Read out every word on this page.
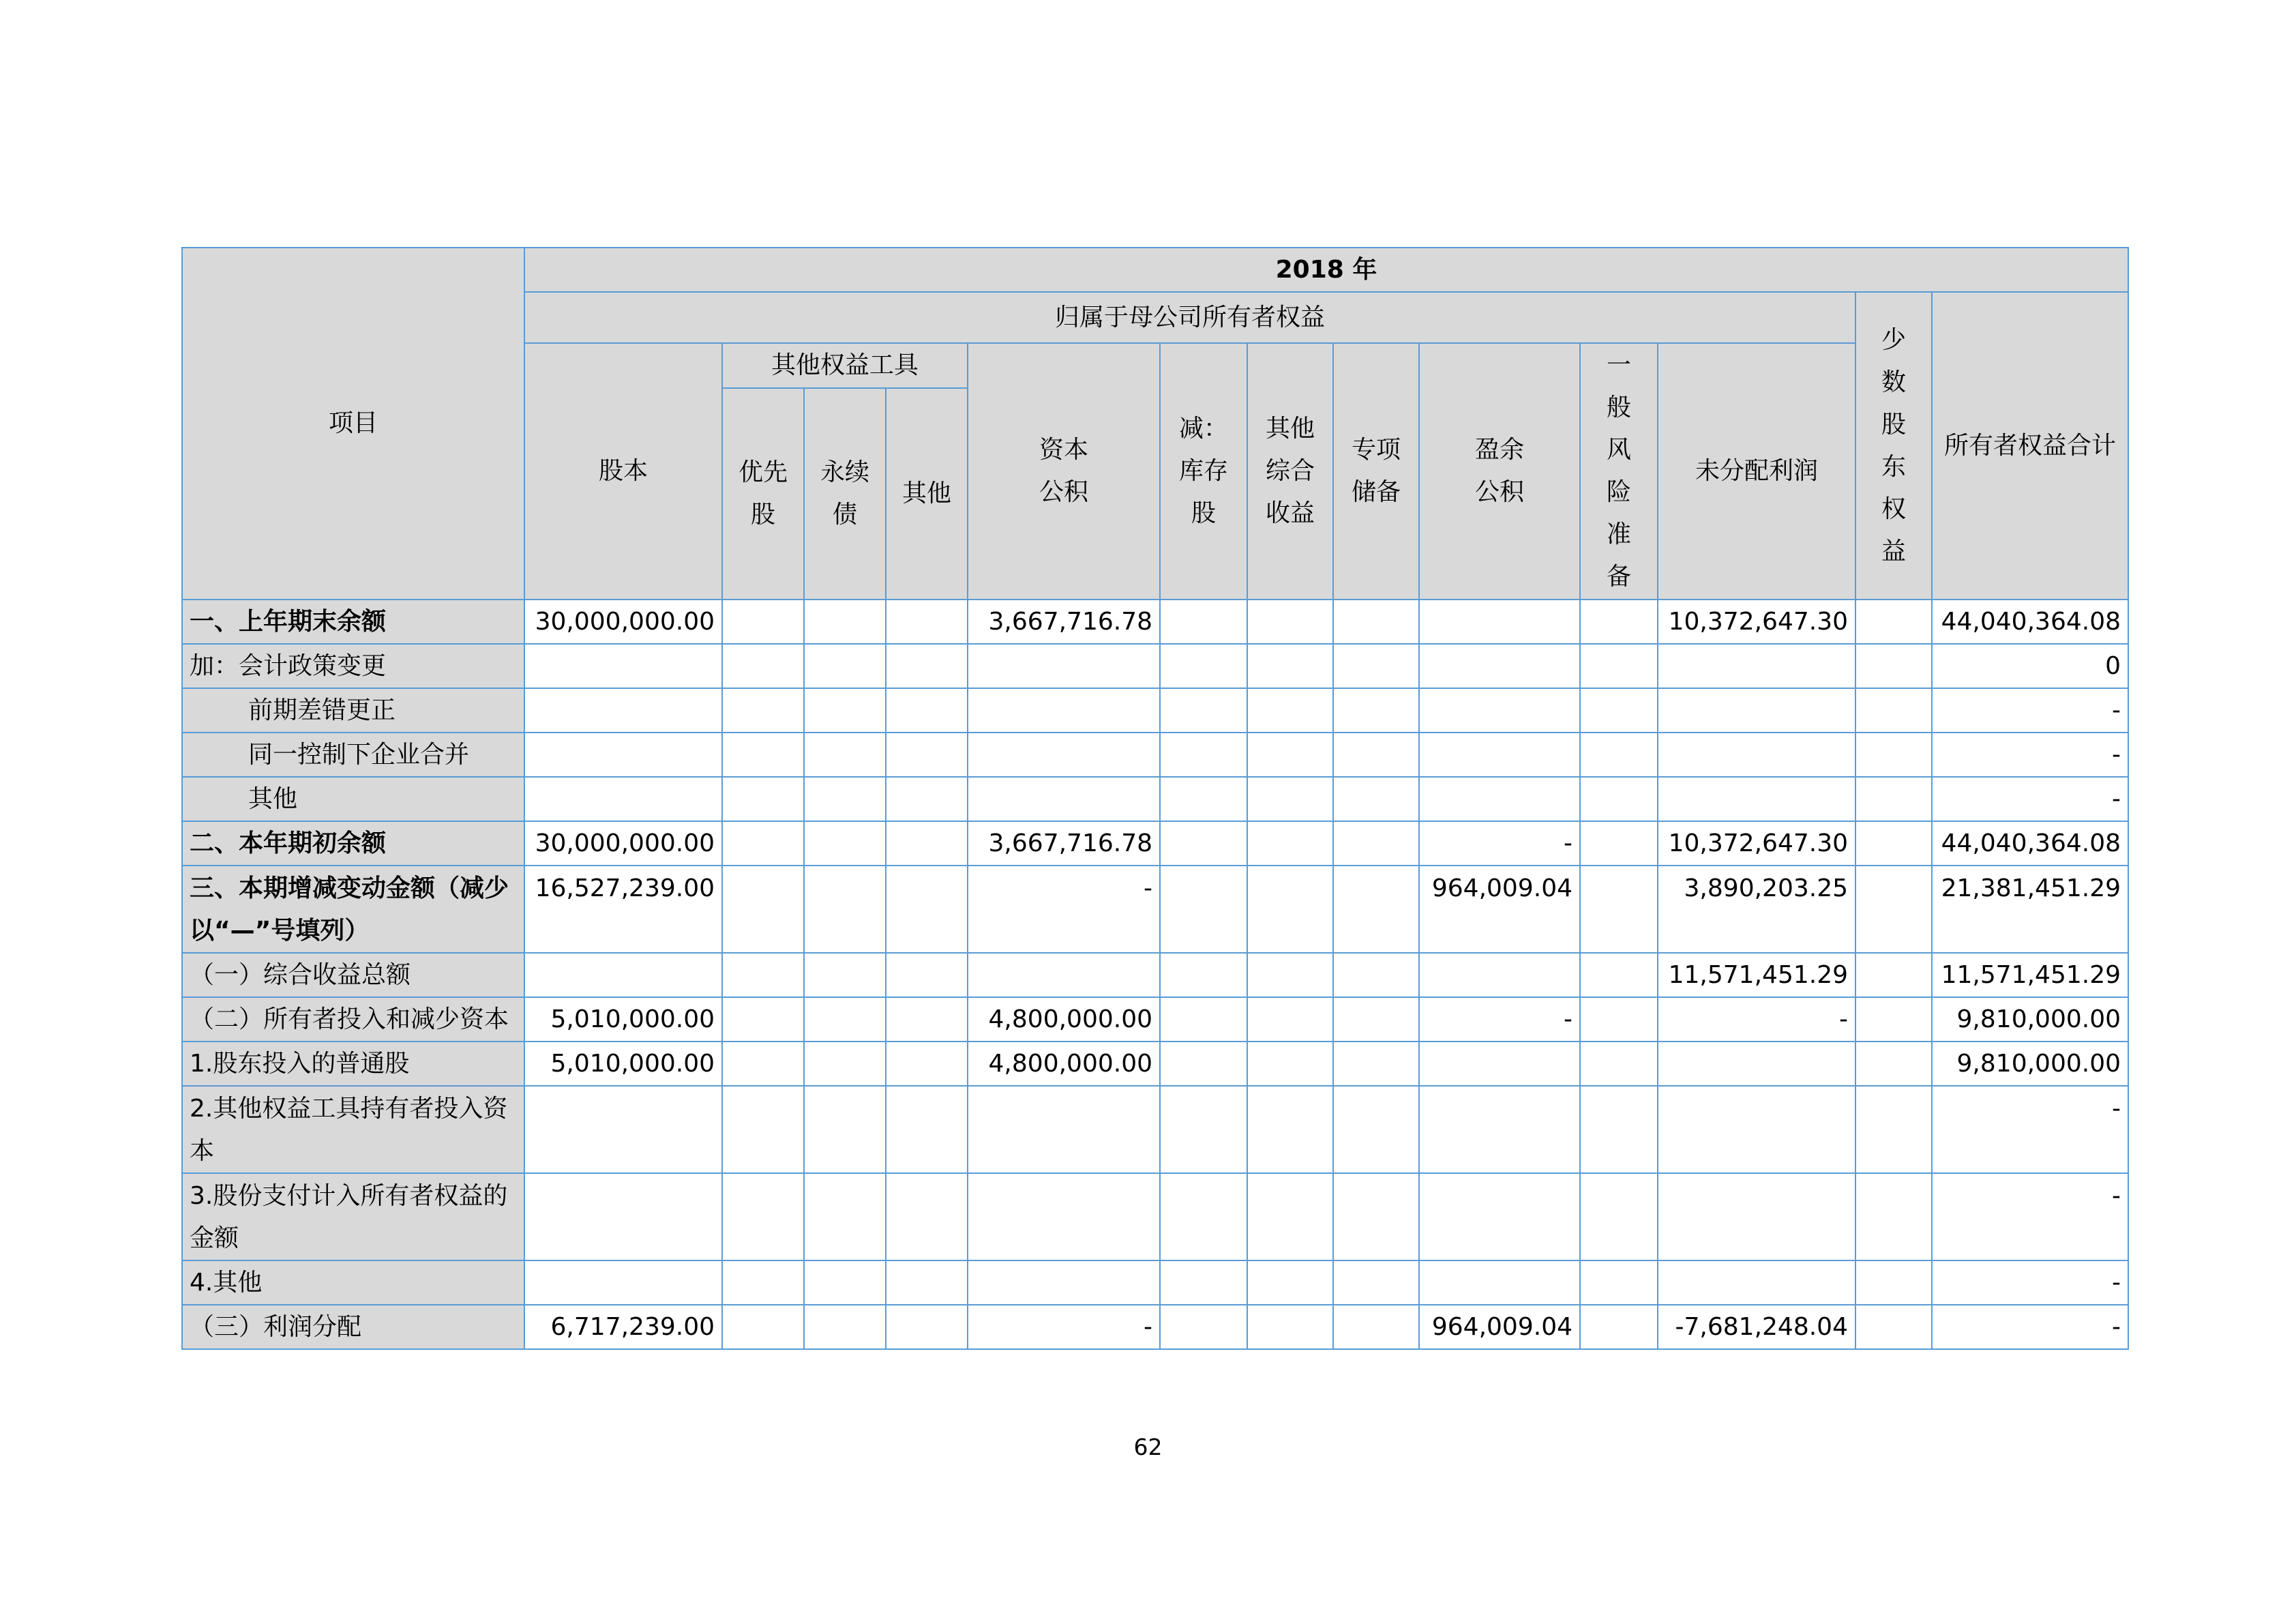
项目	2018 年												
	归属于母公司所有者权益											少数股东权益	所有者权益合计
	股本	其他权益工具			资本公积	减：库存股	其他综合收益	专项储备	盈余公积	一般风险准备	未分配利润		
		优先股	永续债	其他									
一、上年期末余额	30,000,000.00				3,667,716.78						10,372,647.30		44,040,364.08
加：会计政策变更													0
前期差错更正													-
同一控制下企业合并													-
其他													-
二、本年期初余额	30,000,000.00				3,667,716.78				-		10,372,647.30		44,040,364.08
三、本期增减变动金额（减少以“—”号填列）	16,527,239.00				-				964,009.04		3,890,203.25		21,381,451.29
（一）综合收益总额											11,571,451.29		11,571,451.29
（二）所有者投入和减少资本	5,010,000.00				4,800,000.00				-		-		9,810,000.00
1.股东投入的普通股	5,010,000.00				4,800,000.00								9,810,000.00
2.其他权益工具持有者投入资本													-
3.股份支付计入所有者权益的金额													-
4.其他													-
（三）利润分配	6,717,239.00				-				964,009.04		-7,681,248.04		-
62
